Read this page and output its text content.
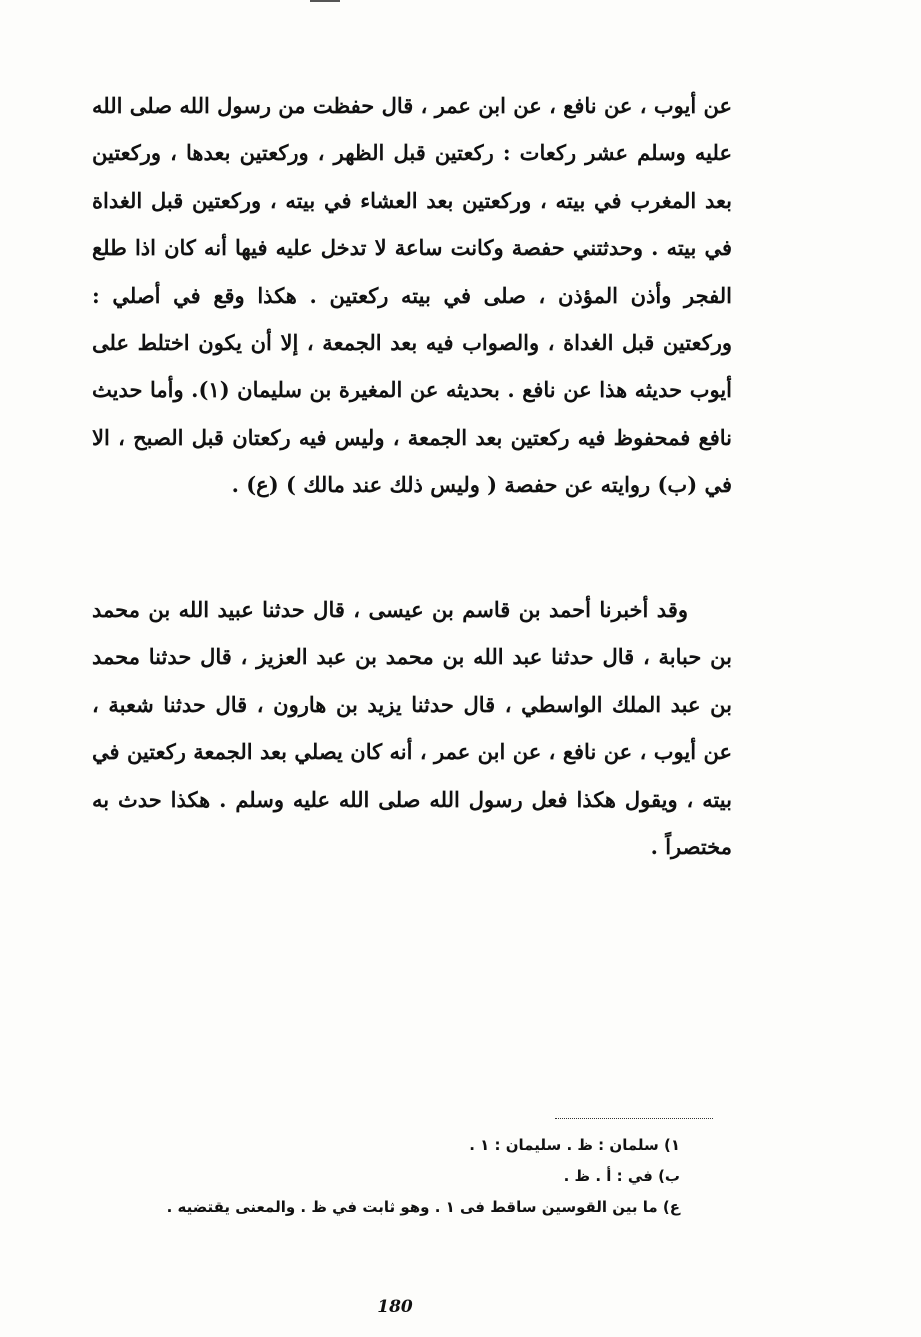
عن أيوب ، عن نافع ، عن ابن عمر ، قال حفظت من رسول الله صلى الله عليه وسلم عشر ركعات : ركعتين قبل الظهر ، وركعتين بعدها ، وركعتين بعد المغرب في بيته ، وركعتين بعد العشاء في بيته ، وركعتين قبل الغداة في بيته . وحدثتني حفصة وكانت ساعة لا تدخل عليه فيها أنه كان اذا طلع الفجر وأذن المؤذن ، صلى في بيته ركعتين . هكذا وقع في أصلي : وركعتين قبل الغداة ، والصواب فيه بعد الجمعة ، إلا أن يكون اختلط على أيوب حديثه هذا عن نافع . بحديثه عن المغيرة بن سليمان (١). وأما حديث نافع فمحفوظ فيه ركعتين بعد الجمعة ، وليس فيه ركعتان قبل الصبح ، الا في (ب) روايته عن حفصة ( وليس ذلك عند مالك ) (ع) .

وقد أخبرنا أحمد بن قاسم بن عيسى ، قال حدثنا عبيد الله بن محمد بن حبابة ، قال حدثنا عبد الله بن محمد بن عبد العزيز ، قال حدثنا محمد بن عبد الملك الواسطي ، قال حدثنا يزيد بن هارون ، قال حدثنا شعبة ، عن أيوب ، عن نافع ، عن ابن عمر ، أنه كان يصلي بعد الجمعة ركعتين في بيته ، ويقول هكذا فعل رسول الله صلى الله عليه وسلم . هكذا حدث به مختصراً .

١) سلمان : ظ . سليمان : ١ .
ب) في : أ . ظ .
ع) ما بين القوسين ساقط فى ١ . وهو ثابت في ظ . والمعنى يقتضيه .
180
